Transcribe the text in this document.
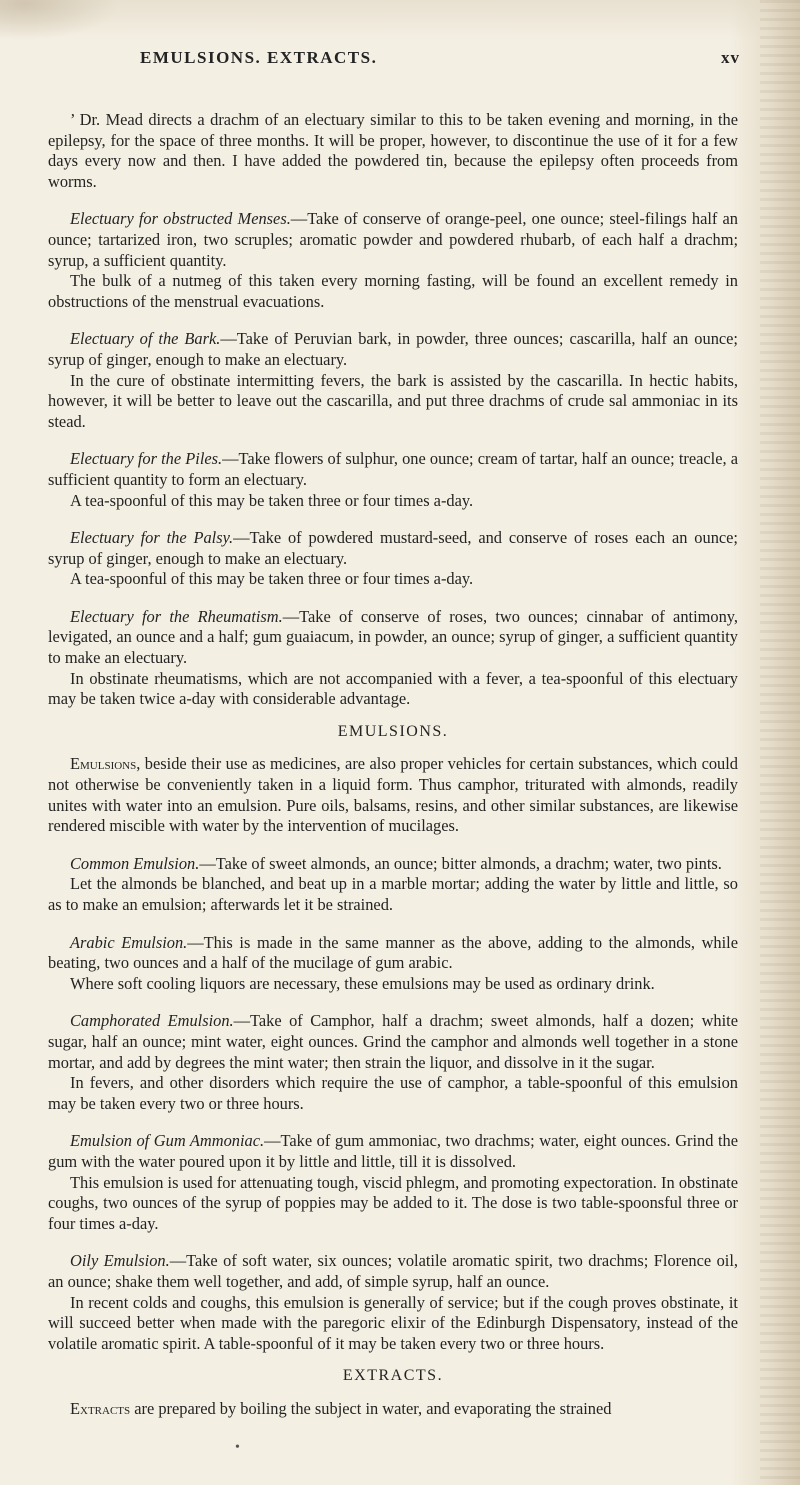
EMULSIONS. EXTRACTS.	xv

’ Dr. Mead directs a drachm of an electuary similar to this to be taken evening and morning, in the epilepsy, for the space of three months. It will be proper, however, to discontinue the use of it for a few days every now and then. I have added the powdered tin, because the epilepsy often proceeds from worms.

Electuary for obstructed Menses.—Take of conserve of orange-peel, one ounce; steel-filings half an ounce; tartarized iron, two scruples; aromatic powder and powdered rhubarb, of each half a drachm; syrup, a sufficient quantity.

The bulk of a nutmeg of this taken every morning fasting, will be found an excellent remedy in obstructions of the menstrual evacuations.

Electuary of the Bark.—Take of Peruvian bark, in powder, three ounces; cascarilla, half an ounce; syrup of ginger, enough to make an electuary.

In the cure of obstinate intermitting fevers, the bark is assisted by the cascarilla. In hectic habits, however, it will be better to leave out the cascarilla, and put three drachms of crude sal ammoniac in its stead.

Electuary for the Piles.—Take flowers of sulphur, one ounce; cream of tartar, half an ounce; treacle, a sufficient quantity to form an electuary.

A tea-spoonful of this may be taken three or four times a-day.

Electuary for the Palsy.—Take of powdered mustard-seed, and conserve of roses each an ounce; syrup of ginger, enough to make an electuary.

A tea-spoonful of this may be taken three or four times a-day.

Electuary for the Rheumatism.—Take of conserve of roses, two ounces; cinnabar of antimony, levigated, an ounce and a half; gum guaiacum, in powder, an ounce; syrup of ginger, a sufficient quantity to make an electuary.

In obstinate rheumatisms, which are not accompanied with a fever, a tea-spoonful of this electuary may be taken twice a-day with considerable advantage.

EMULSIONS.

Emulsions, beside their use as medicines, are also proper vehicles for certain substances, which could not otherwise be conveniently taken in a liquid form. Thus camphor, triturated with almonds, readily unites with water into an emulsion. Pure oils, balsams, resins, and other similar substances, are likewise rendered miscible with water by the intervention of mucilages.

Common Emulsion.—Take of sweet almonds, an ounce; bitter almonds, a drachm; water, two pints.

Let the almonds be blanched, and beat up in a marble mortar; adding the water by little and little, so as to make an emulsion; afterwards let it be strained.

Arabic Emulsion.—This is made in the same manner as the above, adding to the almonds, while beating, two ounces and a half of the mucilage of gum arabic.

Where soft cooling liquors are necessary, these emulsions may be used as ordinary drink.

Camphorated Emulsion.—Take of Camphor, half a drachm; sweet almonds, half a dozen; white sugar, half an ounce; mint water, eight ounces. Grind the camphor and almonds well together in a stone mortar, and add by degrees the mint water; then strain the liquor, and dissolve in it the sugar.

In fevers, and other disorders which require the use of camphor, a table-spoonful of this emulsion may be taken every two or three hours.

Emulsion of Gum Ammoniac.—Take of gum ammoniac, two drachms; water, eight ounces. Grind the gum with the water poured upon it by little and little, till it is dissolved.

This emulsion is used for attenuating tough, viscid phlegm, and promoting expectoration. In obstinate coughs, two ounces of the syrup of poppies may be added to it. The dose is two table-spoonsful three or four times a-day.

Oily Emulsion.—Take of soft water, six ounces; volatile aromatic spirit, two drachms; Florence oil, an ounce; shake them well together, and add, of simple syrup, half an ounce.

In recent colds and coughs, this emulsion is generally of service; but if the cough proves obstinate, it will succeed better when made with the paregoric elixir of the Edinburgh Dispensatory, instead of the volatile aromatic spirit. A table-spoonful of it may be taken every two or three hours.

EXTRACTS.

Extracts are prepared by boiling the subject in water, and evaporating the strained

•
